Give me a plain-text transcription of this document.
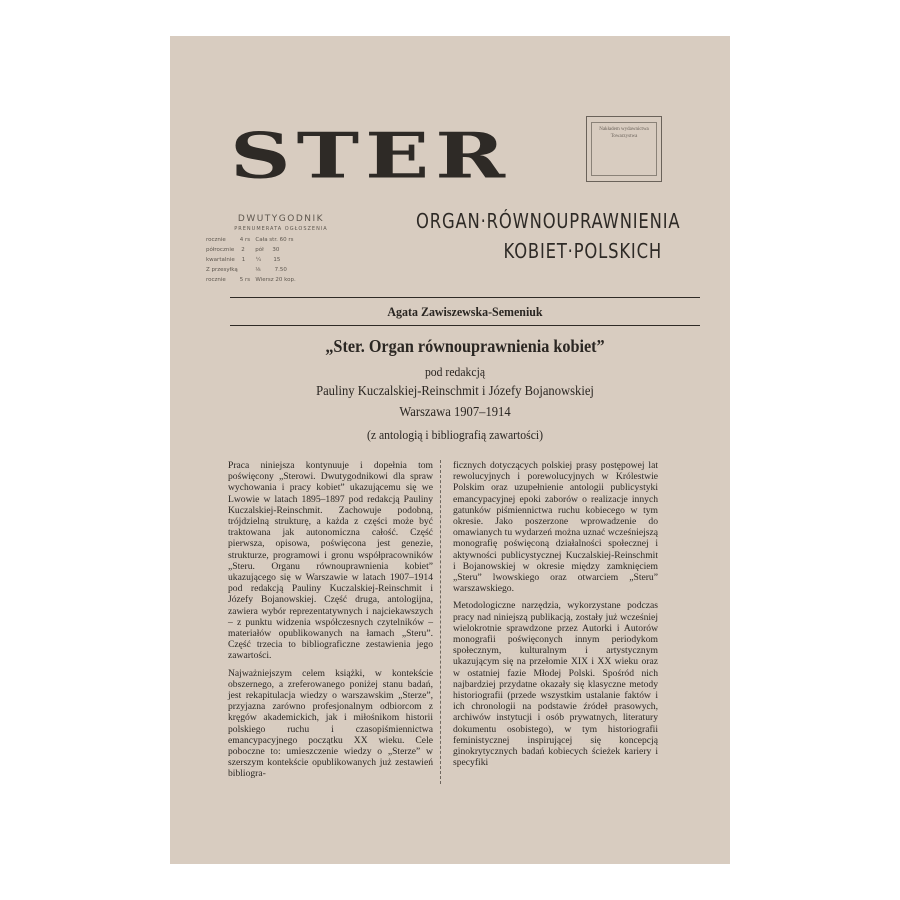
STER	Nakładem wydawnictwa Towarzystwa
ORGAN·RÓWNOUPRAWNIENIA
KOBIET·POLSKICH
DWUTYGODNIK
PRENUMERATA OGŁOSZENIA
rocznie        4 rs   Cała str. 60 rs
półrocznie    2      pół     30
kwartalnie    1      ¼       15
Z przesyłką          ⅛        7.50
rocznie        5 rs   Wiersz 20 kop.
Agata Zawiszewska-Semeniuk
„Ster. Organ równouprawnienia kobiet”
pod redakcją
Pauliny Kuczalskiej-Reinschmit i Józefy Bojanowskiej
Warszawa 1907–1914
(z antologią i bibliografią zawartości)

Praca niniejsza kontynuuje i dopełnia tom poświęcony „Sterowi. Dwutygodnikowi dla spraw wychowania i pracy kobiet” ukazującemu się we Lwowie w latach 1895–1897 pod redakcją Pauliny Kuczalskiej-Reinschmit. Zachowuje podobną, trójdzielną strukturę, a każda z części może być traktowana jak autonomiczna całość. Część pierwsza, opisowa, poświęcona jest genezie, strukturze, programowi i gronu współpracowników „Steru. Organu równouprawnienia kobiet” ukazującego się w Warszawie w latach 1907–1914 pod redakcją Pauliny Kuczalskiej-Reinschmit i Józefy Bojanowskiej. Część druga, antologijna, zawiera wybór reprezentatywnych i najciekawszych – z punktu widzenia współczesnych czytelników – materiałów opublikowanych na łamach „Steru”. Część trzecia to bibliograficzne zestawienia jego zawartości.

Najważniejszym celem książki, w kontekście obszernego, a zreferowanego poniżej stanu badań, jest rekapitulacja wiedzy o warszawskim „Sterze”, przyjazna zarówno profesjonalnym odbiorcom z kręgów akademickich, jak i miłośnikom historii polskiego ruchu i czasopiśmiennictwa emancypacyjnego początku XX wieku. Cele poboczne to: umieszczenie wiedzy o „Sterze” w szerszym kontekście opublikowanych już zestawień bibliogra-

ficznych dotyczących polskiej prasy postępowej lat rewolucyjnych i porewolucyjnych w Królestwie Polskim oraz uzupełnienie antologii publicystyki emancypacyjnej epoki zaborów o realizacje innych gatunków piśmiennictwa ruchu kobiecego w tym okresie. Jako poszerzone wprowadzenie do omawianych tu wydarzeń można uznać wcześniejszą monografię poświęconą działalności społecznej i aktywności publicystycznej Kuczalskiej-Reinschmit i Bojanowskiej w okresie między zamknięciem „Steru” lwowskiego oraz otwarciem „Steru” warszawskiego.

Metodologiczne narzędzia, wykorzystane podczas pracy nad niniejszą publikacją, zostały już wcześniej wielokrotnie sprawdzone przez Autorki i Autorów monografii poświęconych innym periodykom społecznym, kulturalnym i artystycznym ukazującym się na przełomie XIX i XX wieku oraz w ostatniej fazie Młodej Polski. Spośród nich najbardziej przydatne okazały się klasyczne metody historiografii (przede wszystkim ustalanie faktów i ich chronologii na podstawie źródeł prasowych, archiwów instytucji i osób prywatnych, literatury dokumentu osobistego), w tym historiografii feministycznej inspirującej się koncepcją ginokrytycznych badań kobiecych ścieżek kariery i specyfiki
